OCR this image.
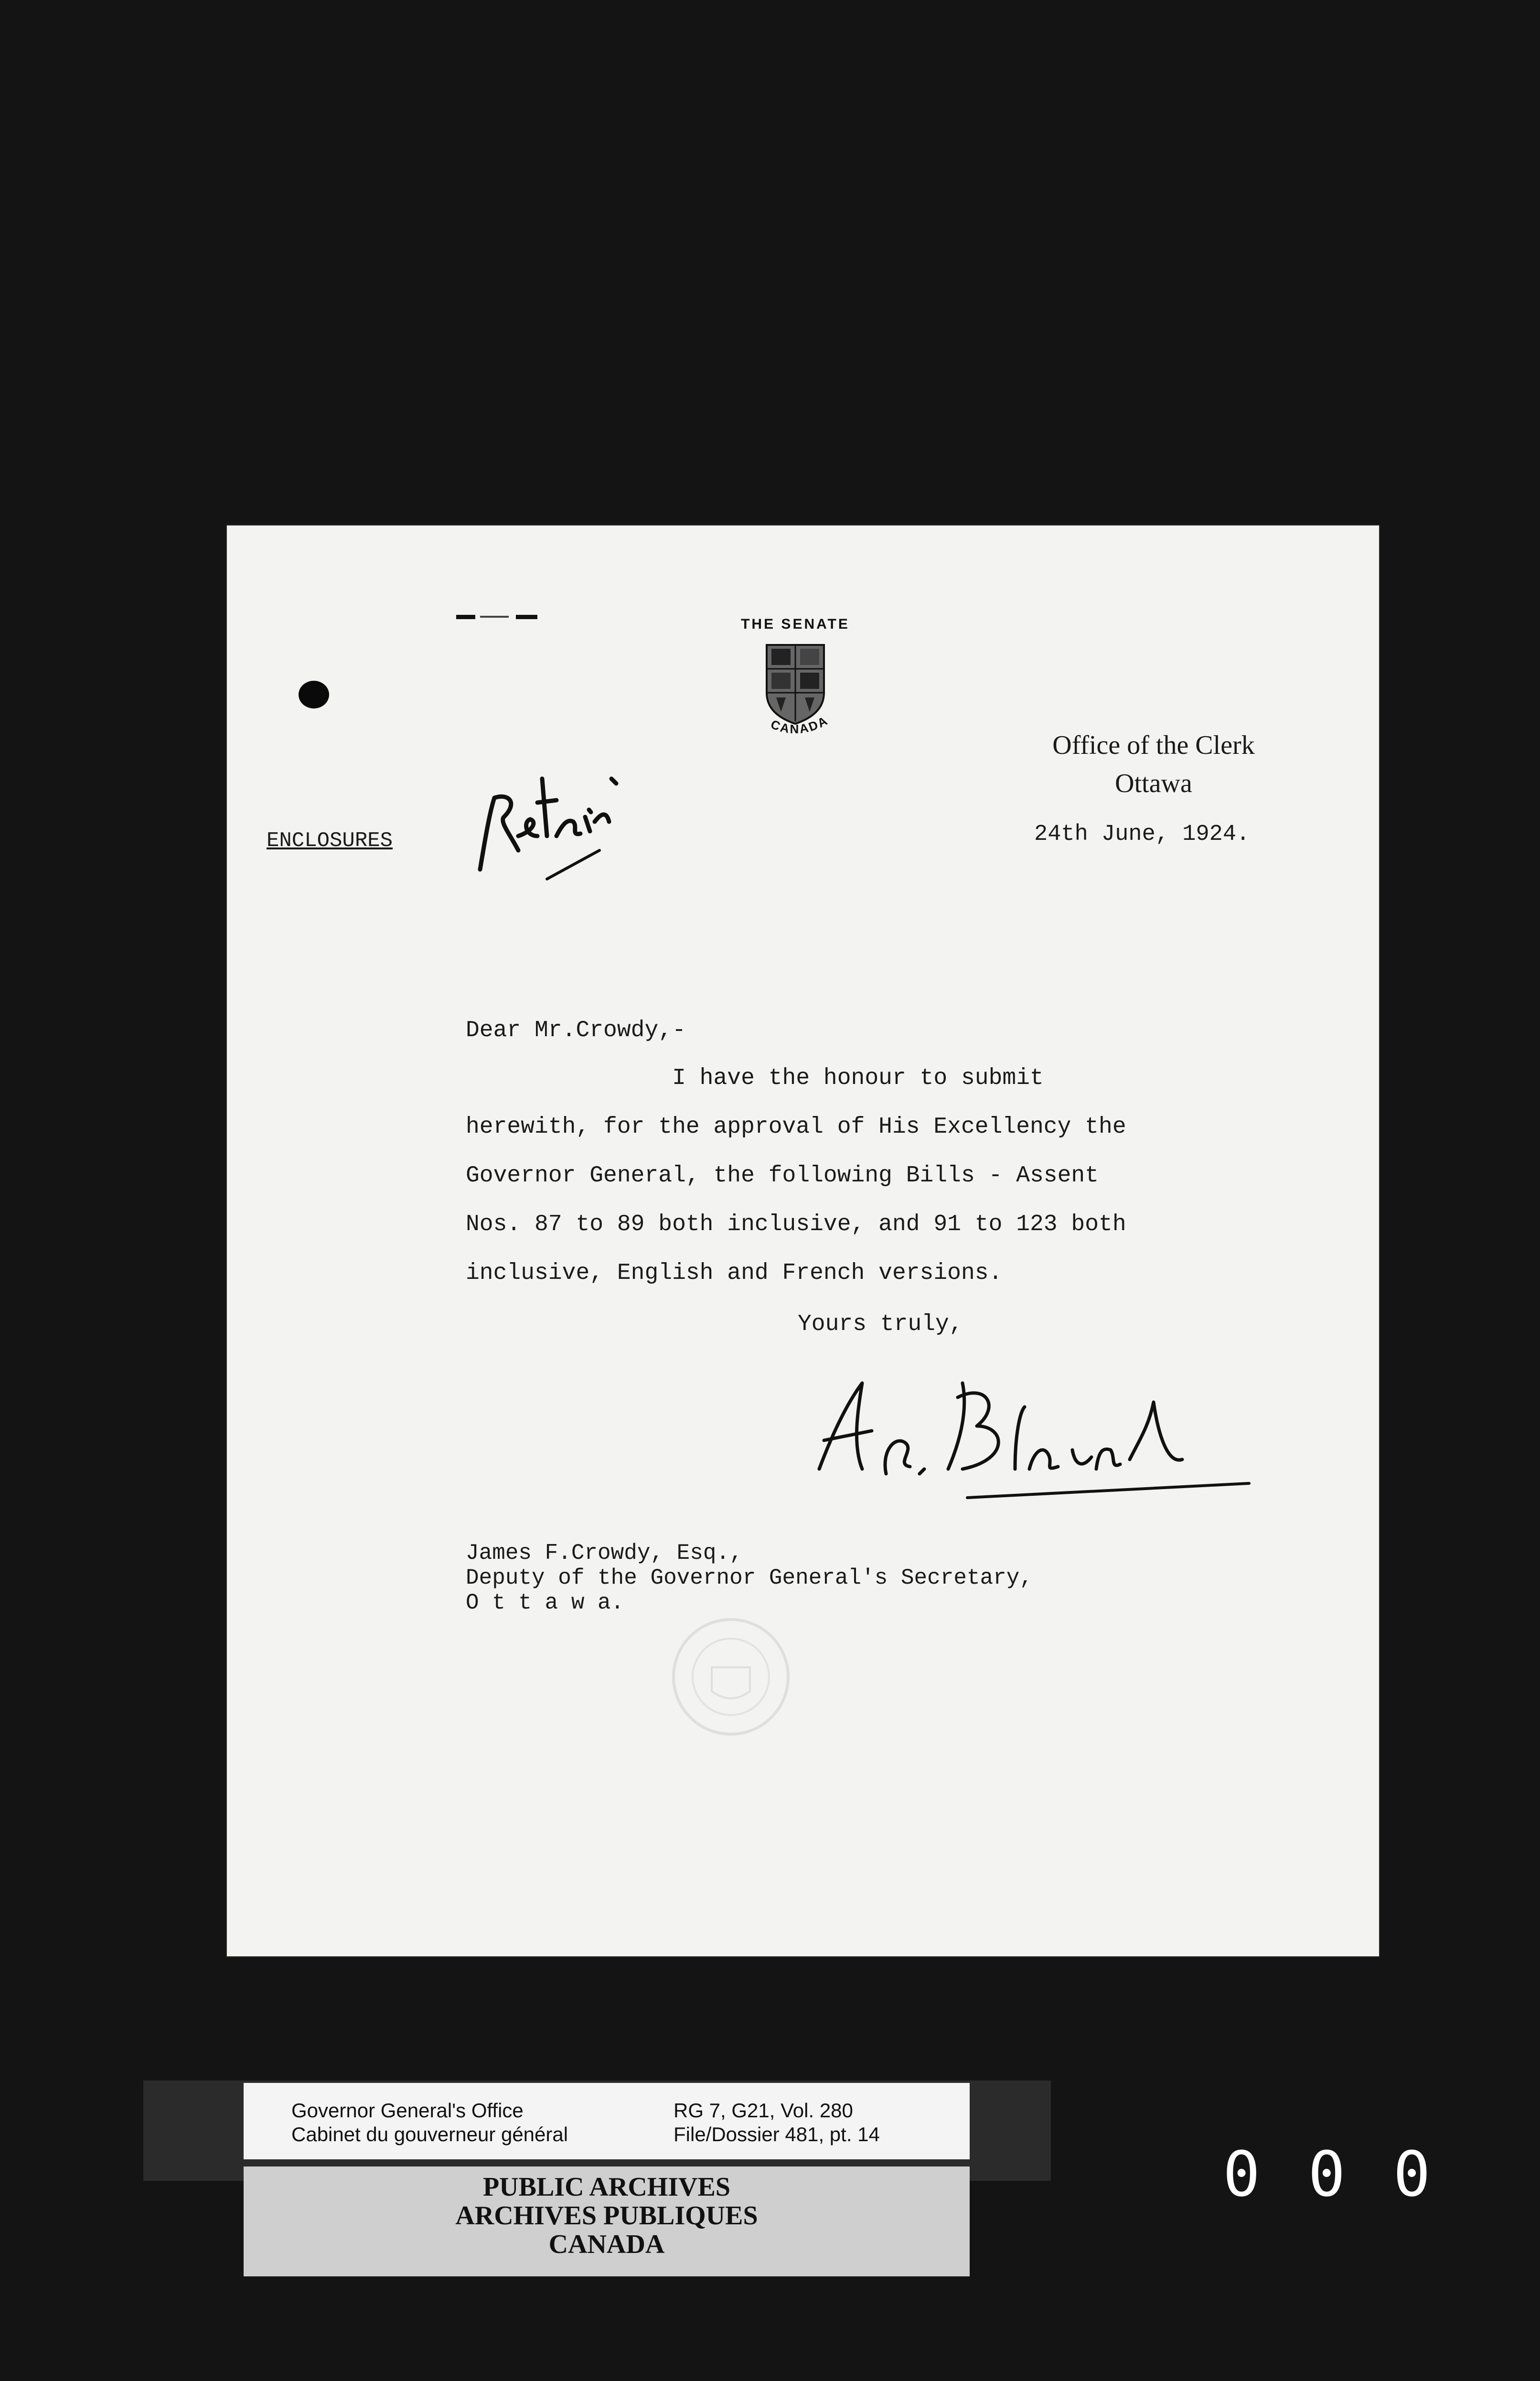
THE SENATE
CANADA
Office of the Clerk
Ottawa
24th June, 1924.
ENCLOSURES
Dear Mr.Crowdy,-
I have the honour to submit
herewith, for the approval of His Excellency the
Governor General, the following Bills - Assent
Nos. 87 to 89 both inclusive, and 91 to 123 both
inclusive, English and French versions.
Yours truly,
James F.Crowdy, Esq.,
Deputy of the Governor General's Secretary,
O t t a w a.
Governor General's Office
Cabinet du gouverneur général
RG 7, G21, Vol. 280
File/Dossier 481, pt. 14
PUBLIC ARCHIVES
ARCHIVES PUBLIQUES
CANADA
000
